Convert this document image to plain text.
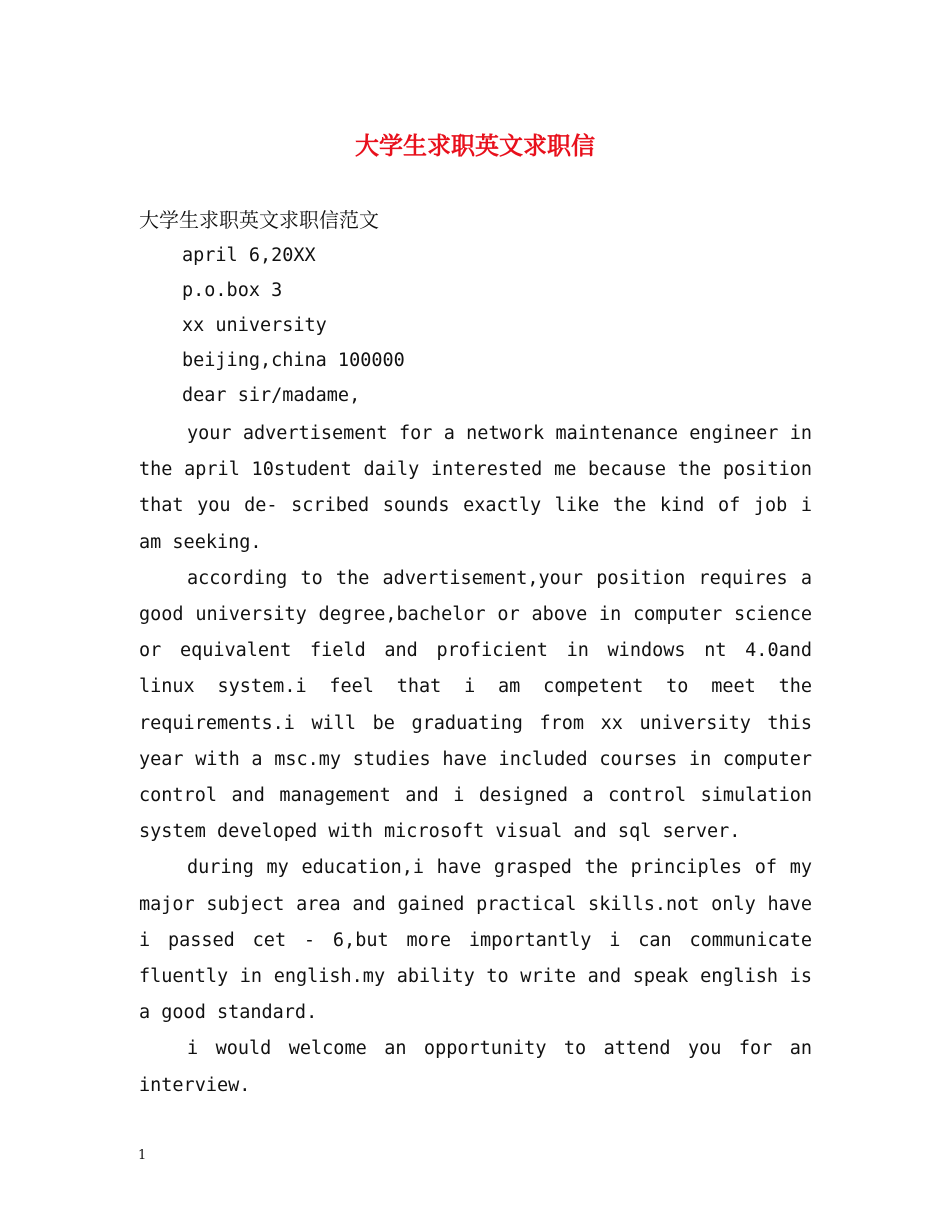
大学生求职英文求职信
大学生求职英文求职信范文
april 6,20XX
p.o.box 3
xx university
beijing,china 100000
dear sir/madame,

your advertisement for a network maintenance engineer in the april 10student daily interested me because the position that you de- scribed sounds exactly like the kind of job i am seeking.

according to the advertisement,your position requires a good university degree,bachelor or above in computer science or equivalent field and proficient in windows nt 4.0and linux system.i feel that i am competent to meet the requirements.i will be graduating from xx university this year with a msc.my studies have included courses in computer control and management and i designed a control simulation system developed with microsoft visual and sql server.

during my education,i have grasped the principles of my major subject area and gained practical skills.not only have i passed cet - 6,but more importantly i can communicate fluently in english.my ability to write and speak english is a good standard.

i would welcome an opportunity to attend you for an interview.

1
